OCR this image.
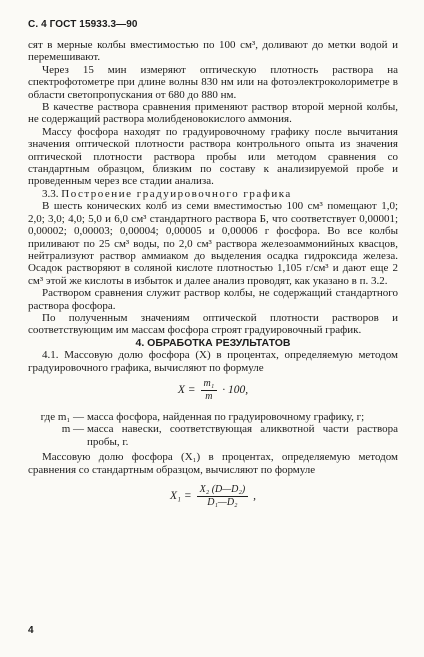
С. 4 ГОСТ 15933.3—90

сят в мерные колбы вместимостью по 100 см³, доливают до метки водой и перемешивают.

Через 15 мин измеряют оптическую плотность раствора на спектрофотометре при длине волны 830 нм или на фотоэлектроколориметре в области светопропускания от 680 до 880 нм.

В качестве раствора сравнения применяют раствор второй мерной колбы, не содержащий раствора молибденовокислого аммония.

Массу фосфора находят по градуировочному графику после вычитания значения оптической плотности раствора контрольного опыта из значения оптической плотности раствора пробы или методом сравнения со стандартным образцом, близким по составу к анализируемой пробе и проведенным через все стадии анализа.

3.3. Построение градуировочного графика

В шесть конических колб из семи вместимостью 100 см³ помещают 1,0; 2,0; 3,0; 4,0; 5,0 и 6,0 см³ стандартного раствора Б, что соответствует 0,00001; 0,00002; 0,00003; 0,00004; 0,00005 и 0,00006 г фосфора. Во все колбы приливают по 25 см³ воды, по 2,0 см³ раствора железоаммонийных квасцов, нейтрализуют раствор аммиаком до выделения осадка гидроксида железа. Осадок растворяют в соляной кислоте плотностью 1,105 г/см³ и дают еще 2 см³ этой же кислоты в избыток и далее анализ проводят, как указано в п. 3.2.

Раствором сравнения служит раствор колбы, не содержащий стандартного раствора фосфора.

По полученным значениям оптической плотности растворов и соответствующим им массам фосфора строят градуировочный график.

4. ОБРАБОТКА РЕЗУЛЬТАТОВ

4.1. Массовую долю фосфора (X) в процентах, определяемую методом градуировочного графика, вычисляют по формуле

$X = \frac{\text{m₁}}{m} \cdot 100$,
где m₁ — масса фосфора, найденная по градуировочному графику, г;
m — масса навески, соответствующая аликвотной части раствора пробы, г.

Массовую долю фосфора (X₁) в процентах, определяемую методом сравнения со стандартным образцом, вычисляют по формуле

$X_1 = \frac{\text{X₂ (D—D₂)}}{\text{D₁—D₂}}$ ,
4
